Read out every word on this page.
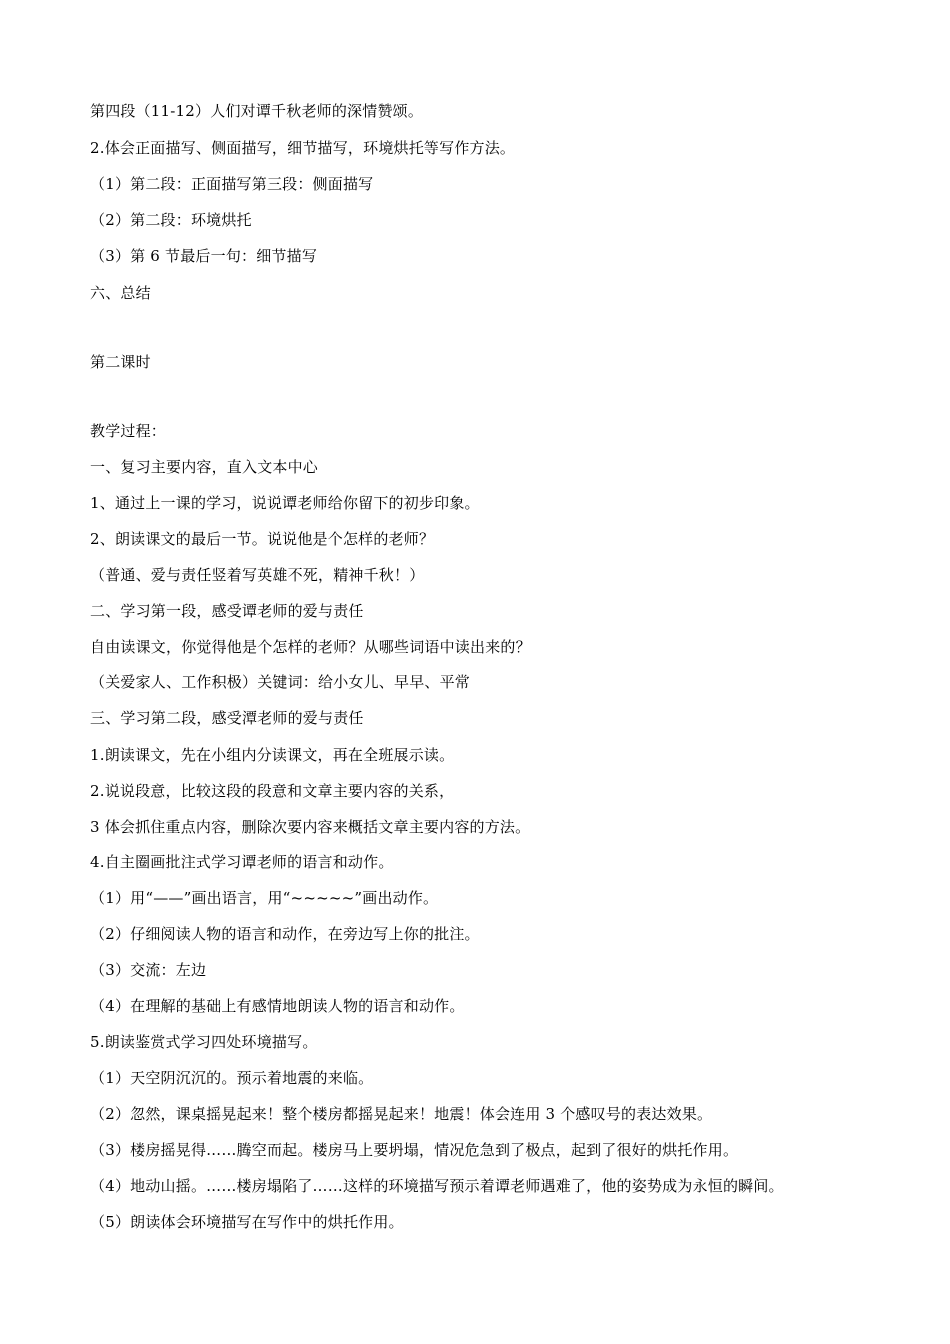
第四段（11-12）人们对谭千秋老师的深情赞颂。
2.体会正面描写、侧面描写，细节描写，环境烘托等写作方法。
（1）第二段：正面描写第三段：侧面描写
（2）第二段：环境烘托
（3）第 6 节最后一句：细节描写
六、总结
第二课时
教学过程：
一、复习主要内容，直入文本中心
1、通过上一课的学习，说说谭老师给你留下的初步印象。
2、朗读课文的最后一节。说说他是个怎样的老师？
（普通、爱与责任竖着写英雄不死，精神千秋！）
二、学习第一段，感受谭老师的爱与责任
自由读课文，你觉得他是个怎样的老师？从哪些词语中读出来的？
（关爱家人、工作积极）关键词：给小女儿、早早、平常
三、学习第二段，感受潭老师的爱与责任
1.朗读课文，先在小组内分读课文，再在全班展示读。
2.说说段意，比较这段的段意和文章主要内容的关系，
3 体会抓住重点内容，删除次要内容来概括文章主要内容的方法。
4.自主圈画批注式学习谭老师的语言和动作。
（1）用“——”画出语言，用“~~~~~”画出动作。
（2）仔细阅读人物的语言和动作，在旁边写上你的批注。
（3）交流：左边
（4）在理解的基础上有感情地朗读人物的语言和动作。
5.朗读鉴赏式学习四处环境描写。
（1）天空阴沉沉的。预示着地震的来临。
（2）忽然，课桌摇晃起来！整个楼房都摇晃起来！地震！体会连用 3 个感叹号的表达效果。
（3）楼房摇晃得……腾空而起。楼房马上要坍塌，情况危急到了极点，起到了很好的烘托作用。
（4）地动山摇。……楼房塌陷了……这样的环境描写预示着谭老师遇难了，他的姿势成为永恒的瞬间。
（5）朗读体会环境描写在写作中的烘托作用。
